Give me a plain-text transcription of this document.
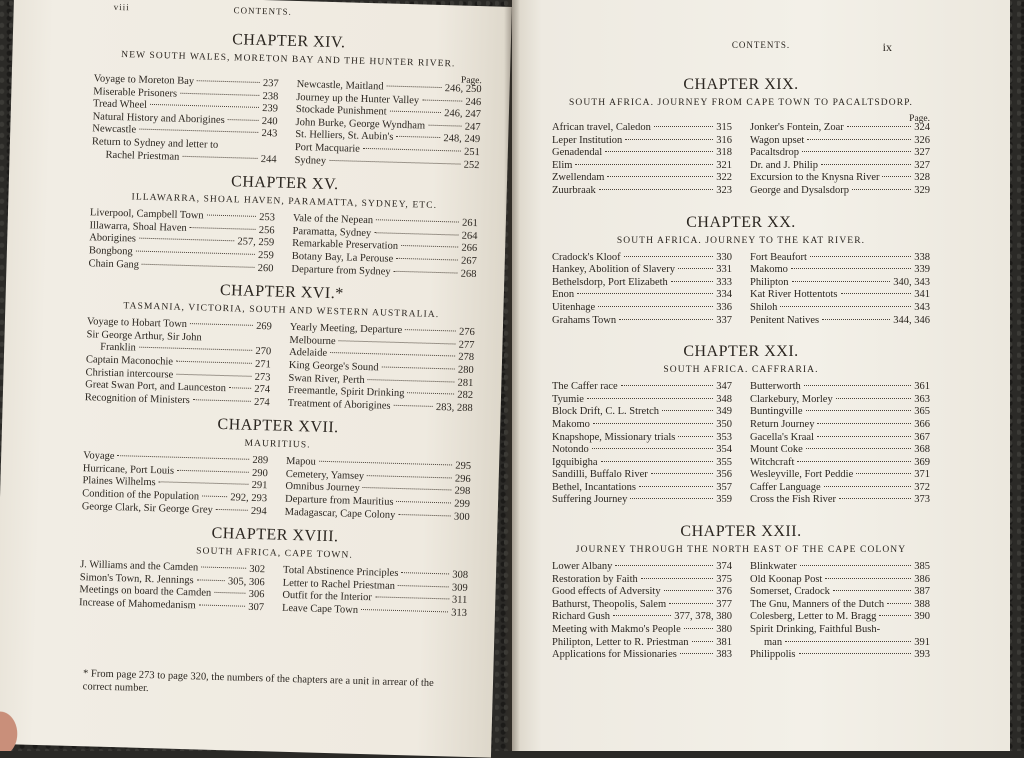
viii	CONTENTS.
CHAPTER XIV.
NEW SOUTH WALES, MORETON BAY AND THE HUNTER RIVER.
Page.
Voyage to Moreton Bay	237
Miserable Prisoners	238
Tread Wheel	239
Natural History and Aborigines	240
Newcastle	243
Return to Sydney and letter to
Rachel Priestman	244
Newcastle, Maitland	246, 250
Journey up the Hunter Valley	246
Stockade Punishment	246, 247
John Burke, George Wyndham	247
St. Helliers, St. Aubin's	248, 249
Port Macquarie	251
Sydney	252
CHAPTER XV.
ILLAWARRA, SHOAL HAVEN, PARAMATTA, SYDNEY, ETC.
Liverpool, Campbell Town	253
Illawarra, Shoal Haven	256
Aborigines	257, 259
Bongbong	259
Chain Gang	260
Vale of the Nepean	261
Paramatta, Sydney	264
Remarkable Preservation	266
Botany Bay, La Perouse	267
Departure from Sydney	268
CHAPTER XVI.*
TASMANIA, VICTORIA, SOUTH AND WESTERN AUSTRALIA.
Voyage to Hobart Town	269
Sir George Arthur, Sir John
Franklin	270
Captain Maconochie	271
Christian intercourse	273
Great Swan Port, and Launceston	274
Recognition of Ministers	274
Yearly Meeting, Departure	276
Melbourne	277
Adelaide	278
King George's Sound	280
Swan River, Perth	281
Freemantle, Spirit Drinking	282
Treatment of Aborigines	283, 288
CHAPTER XVII.
MAURITIUS.
Voyage	289
Hurricane, Port Louis	290
Plaines Wilhelms	291
Condition of the Population	292, 293
George Clark, Sir George Grey	294
Mapou	295
Cemetery, Yamsey	296
Omnibus Journey	298
Departure from Mauritius	299
Madagascar, Cape Colony	300
CHAPTER XVIII.
SOUTH AFRICA, CAPE TOWN.
J. Williams and the Camden	302
Simon's Town, R. Jennings	305, 306
Meetings on board the Camden	306
Increase of Mahomedanism	307
Total Abstinence Principles	308
Letter to Rachel Priestman	309
Outfit for the Interior	311
Leave Cape Town	313
* From page 273 to page 320, the numbers of the chapters are a unit in arrear of the correct number.
CONTENTS.	ix
CHAPTER XIX.
SOUTH AFRICA. JOURNEY FROM CAPE TOWN TO PACALTSDORP.
Page.
African travel, Caledon	315
Leper Institution	316
Genadendal	318
Elim	321
Zwellendam	322
Zuurbraak	323
Jonker's Fontein, Zoar	324
Wagon upset	326
Pacaltsdrop	327
Dr. and J. Philip	327
Excursion to the Knysna River	328
George and Dysalsdorp	329
CHAPTER XX.
SOUTH AFRICA. JOURNEY TO THE KAT RIVER.
Cradock's Kloof	330
Hankey, Abolition of Slavery	331
Bethelsdorp, Port Elizabeth	333
Enon	334
Uitenhage	336
Grahams Town	337
Fort Beaufort	338
Makomo	339
Philipton	340, 343
Kat River Hottentots	341
Shiloh	343
Penitent Natives	344, 346
CHAPTER XXI.
SOUTH AFRICA. CAFFRARIA.
The Caffer race	347
Tyumie	348
Block Drift, C. L. Stretch	349
Makomo	350
Knapshope, Missionary trials	353
Notondo	354
Igquibigha	355
Sandilli, Buffalo River	356
Bethel, Incantations	357
Suffering Journey	359
Butterworth	361
Clarkebury, Morley	363
Buntingville	365
Return Journey	366
Gacella's Kraal	367
Mount Coke	368
Witchcraft	369
Wesleyville, Fort Peddie	371
Caffer Language	372
Cross the Fish River	373
CHAPTER XXII.
JOURNEY THROUGH THE NORTH EAST OF THE CAPE COLONY
Lower Albany	374
Restoration by Faith	375
Good effects of Adversity	376
Bathurst, Theopolis, Salem	377
Richard Gush	377, 378, 380
Meeting with Makmo's People	380
Philipton, Letter to R. Priestman	381
Applications for Missionaries	383
Blinkwater	385
Old Koonap Post	386
Somerset, Cradock	387
The Gnu, Manners of the Dutch	388
Colesberg, Letter to M. Bragg	390
Spirit Drinking, Faithful Bush-
man	391
Philippolis	393
